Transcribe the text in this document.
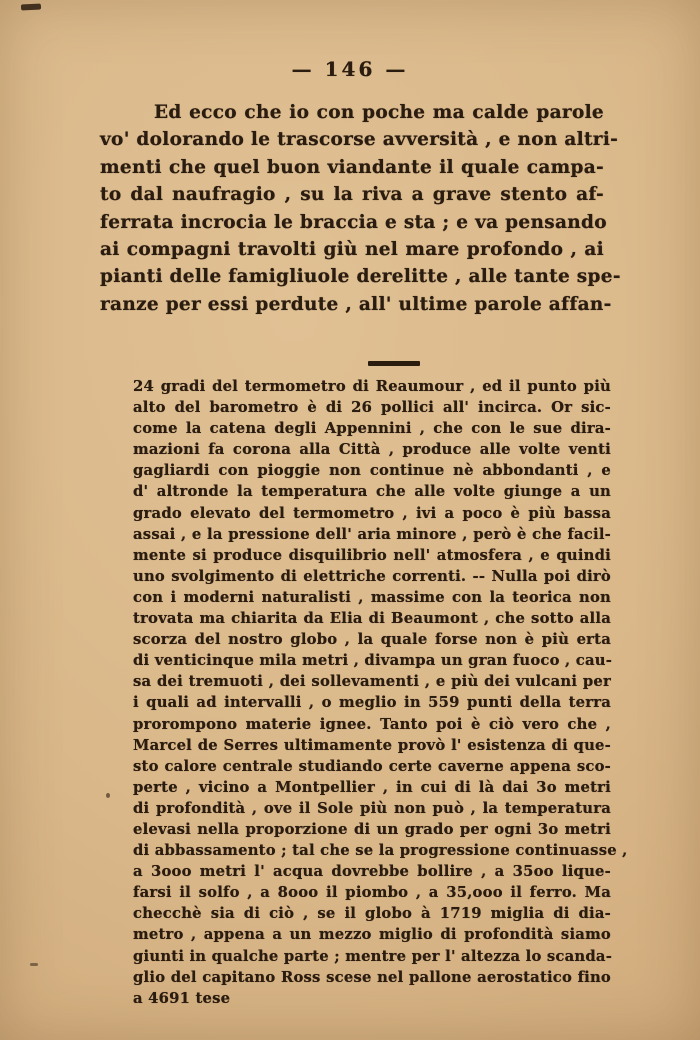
— 146 —
Ed ecco che io con poche ma calde parole
vo' dolorando le trascorse avversità , e non altri-
menti che quel buon viandante il quale campa-
to dal naufragio , su la riva a grave stento af-
ferrata incrocia le braccia e sta ; e va pensando
ai compagni travolti giù nel mare profondo , ai
pianti delle famigliuole derelitte , alle tante spe-
ranze per essi perdute , all' ultime parole affan-
24 gradi del termometro di Reaumour , ed il punto più
alto del barometro è di 26 pollici all' incirca. Or sic-
come la catena degli Appennini , che con le sue dira-
mazioni fa corona alla Città , produce alle volte venti
gagliardi con pioggie non continue nè abbondanti , e
d' altronde la temperatura che alle volte giunge a un
grado elevato del termometro , ivi a poco è più bassa
assai , e la pressione dell' aria minore , però è che facil-
mente si produce disquilibrio nell' atmosfera , e quindi
uno svolgimento di elettriche correnti. -- Nulla poi dirò
con i moderni naturalisti , massime con la teorica non
trovata ma chiarita da Elia di Beaumont , che sotto alla
scorza del nostro globo , la quale forse non è più erta
di venticinque mila metri , divampa un gran fuoco , cau-
sa dei tremuoti , dei sollevamenti , e più dei vulcani per
i quali ad intervalli , o meglio in 559 punti della terra
prorompono materie ignee. Tanto poi è ciò vero che ,
Marcel de Serres ultimamente provò l' esistenza di que-
sto calore centrale studiando certe caverne appena sco-
perte , vicino a Montpellier , in cui di là dai 3o metri
di profondità , ove il Sole più non può , la temperatura
elevasi nella proporzione di un grado per ogni 3o metri
di abbassamento ; tal che se la progressione continuasse ,
a 3ooo metri l' acqua dovrebbe bollire , a 35oo lique-
farsi il solfo , a 8ooo il piombo , a 35,ooo il ferro. Ma
checchè sia di ciò , se il globo à 1719 miglia di dia-
metro , appena a un mezzo miglio di profondità siamo
giunti in qualche parte ; mentre per l' altezza lo scanda-
glio del capitano Ross scese nel pallone aerostatico fino
a 4691 tese
